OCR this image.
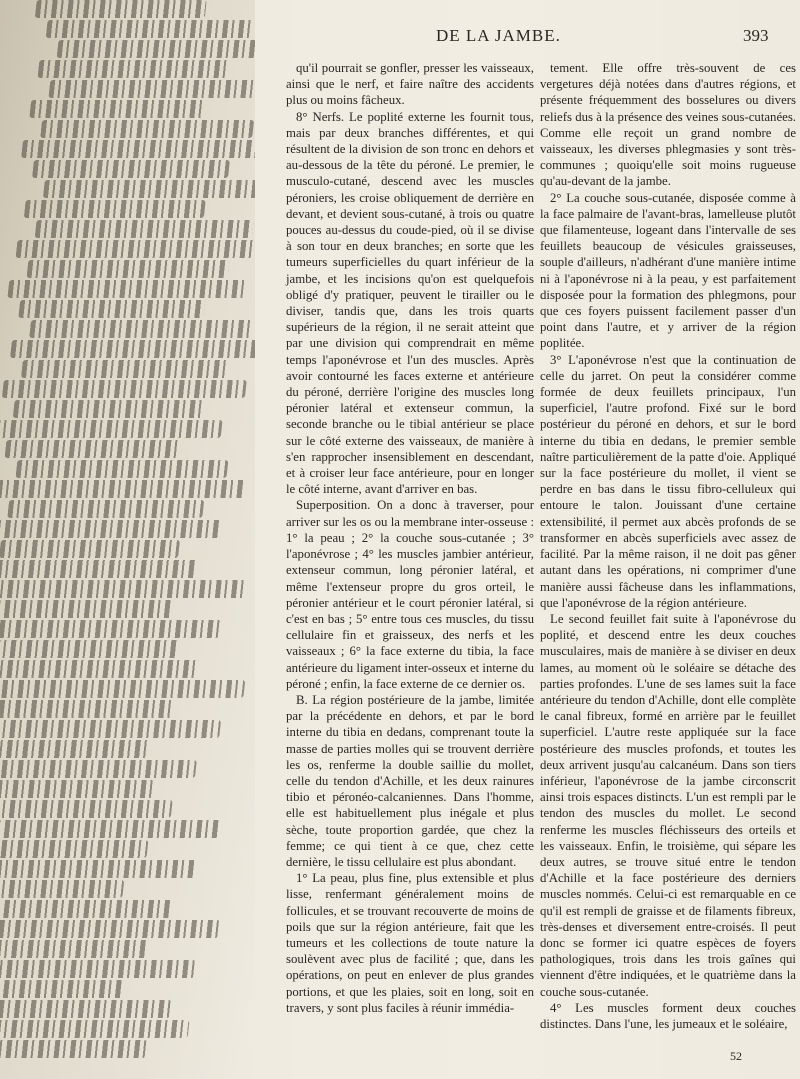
DE LA JAMBE.	393

qu'il pourrait se gonfler, presser les vaisseaux, ainsi que le nerf, et faire naître des accidents plus ou moins fâcheux.

8° Nerfs. Le poplité externe les fournit tous, mais par deux branches différentes, et qui résultent de la division de son tronc en dehors et au-dessous de la tête du péroné. Le premier, le musculo-cutané, descend avec les muscles péroniers, les croise obliquement de derrière en devant, et devient sous-cutané, à trois ou quatre pouces au-dessus du coude-pied, où il se divise à son tour en deux branches; en sorte que les tumeurs superficielles du quart inférieur de la jambe, et les incisions qu'on est quelquefois obligé d'y pratiquer, peuvent le tirailler ou le diviser, tandis que, dans les trois quarts supérieurs de la région, il ne serait atteint que par une division qui comprendrait en même temps l'aponévrose et l'un des muscles. Après avoir contourné les faces externe et antérieure du péroné, derrière l'origine des muscles long péronier latéral et extenseur commun, la seconde branche ou le tibial antérieur se place sur le côté externe des vaisseaux, de manière à s'en rapprocher insensiblement en descendant, et à croiser leur face antérieure, pour en longer le côté interne, avant d'arriver en bas.

Superposition. On a donc à traverser, pour arriver sur les os ou la membrane inter-osseuse : 1° la peau ; 2° la couche sous-cutanée ; 3° l'aponévrose ; 4° les muscles jambier antérieur, extenseur commun, long péronier latéral, et même l'extenseur propre du gros orteil, le péronier antérieur et le court péronier latéral, si c'est en bas ; 5° entre tous ces muscles, du tissu cellulaire fin et graisseux, des nerfs et les vaisseaux ; 6° la face externe du tibia, la face antérieure du ligament inter-osseux et interne du péroné ; enfin, la face externe de ce dernier os.

B. La région postérieure de la jambe, limitée par la précédente en dehors, et par le bord interne du tibia en dedans, comprenant toute la masse de parties molles qui se trouvent derrière les os, renferme la double saillie du mollet, celle du tendon d'Achille, et les deux rainures tibio et péronéo-calcaniennes. Dans l'homme, elle est habituellement plus inégale et plus sèche, toute proportion gardée, que chez la femme; ce qui tient à ce que, chez cette dernière, le tissu cellulaire est plus abondant.

1° La peau, plus fine, plus extensible et plus lisse, renfermant généralement moins de follicules, et se trouvant recouverte de moins de poils que sur la région antérieure, fait que les tumeurs et les collections de toute nature la soulèvent avec plus de facilité ; que, dans les opérations, on peut en enlever de plus grandes portions, et que les plaies, soit en long, soit en travers, y sont plus faciles à réunir immédia-

tement. Elle offre très-souvent de ces vergetures déjà notées dans d'autres régions, et présente fréquemment des bosselures ou divers reliefs dus à la présence des veines sous-cutanées. Comme elle reçoit un grand nombre de vaisseaux, les diverses phlegmasies y sont très-communes ; quoiqu'elle soit moins rugueuse qu'au-devant de la jambe.

2° La couche sous-cutanée, disposée comme à la face palmaire de l'avant-bras, lamelleuse plutôt que filamenteuse, logeant dans l'intervalle de ses feuillets beaucoup de vésicules graisseuses, souple d'ailleurs, n'adhérant d'une manière intime ni à l'aponévrose ni à la peau, y est parfaitement disposée pour la formation des phlegmons, pour que ces foyers puissent facilement passer d'un point dans l'autre, et y arriver de la région poplitée.

3° L'aponévrose n'est que la continuation de celle du jarret. On peut la considérer comme formée de deux feuillets principaux, l'un superficiel, l'autre profond. Fixé sur le bord postérieur du péroné en dehors, et sur le bord interne du tibia en dedans, le premier semble naître particulièrement de la patte d'oie. Appliqué sur la face postérieure du mollet, il vient se perdre en bas dans le tissu fibro-celluleux qui entoure le talon. Jouissant d'une certaine extensibilité, il permet aux abcès profonds de se transformer en abcès superficiels avec assez de facilité. Par la même raison, il ne doit pas gêner autant dans les opérations, ni comprimer d'une manière aussi fâcheuse dans les inflammations, que l'aponévrose de la région antérieure.

Le second feuillet fait suite à l'aponévrose du poplité, et descend entre les deux couches musculaires, mais de manière à se diviser en deux lames, au moment où le soléaire se détache des parties profondes. L'une de ses lames suit la face antérieure du tendon d'Achille, dont elle complète le canal fibreux, formé en arrière par le feuillet superficiel. L'autre reste appliquée sur la face postérieure des muscles profonds, et toutes les deux arrivent jusqu'au calcanéum. Dans son tiers inférieur, l'aponévrose de la jambe circonscrit ainsi trois espaces distincts. L'un est rempli par le tendon des muscles du mollet. Le second renferme les muscles fléchisseurs des orteils et les vaisseaux. Enfin, le troisième, qui sépare les deux autres, se trouve situé entre le tendon d'Achille et la face postérieure des derniers muscles nommés. Celui-ci est remarquable en ce qu'il est rempli de graisse et de filaments fibreux, très-denses et diversement entre-croisés. Il peut donc se former ici quatre espèces de foyers pathologiques, trois dans les trois gaînes qui viennent d'être indiquées, et le quatrième dans la couche sous-cutanée.

4° Les muscles forment deux couches distinctes. Dans l'une, les jumeaux et le soléaire,

52
